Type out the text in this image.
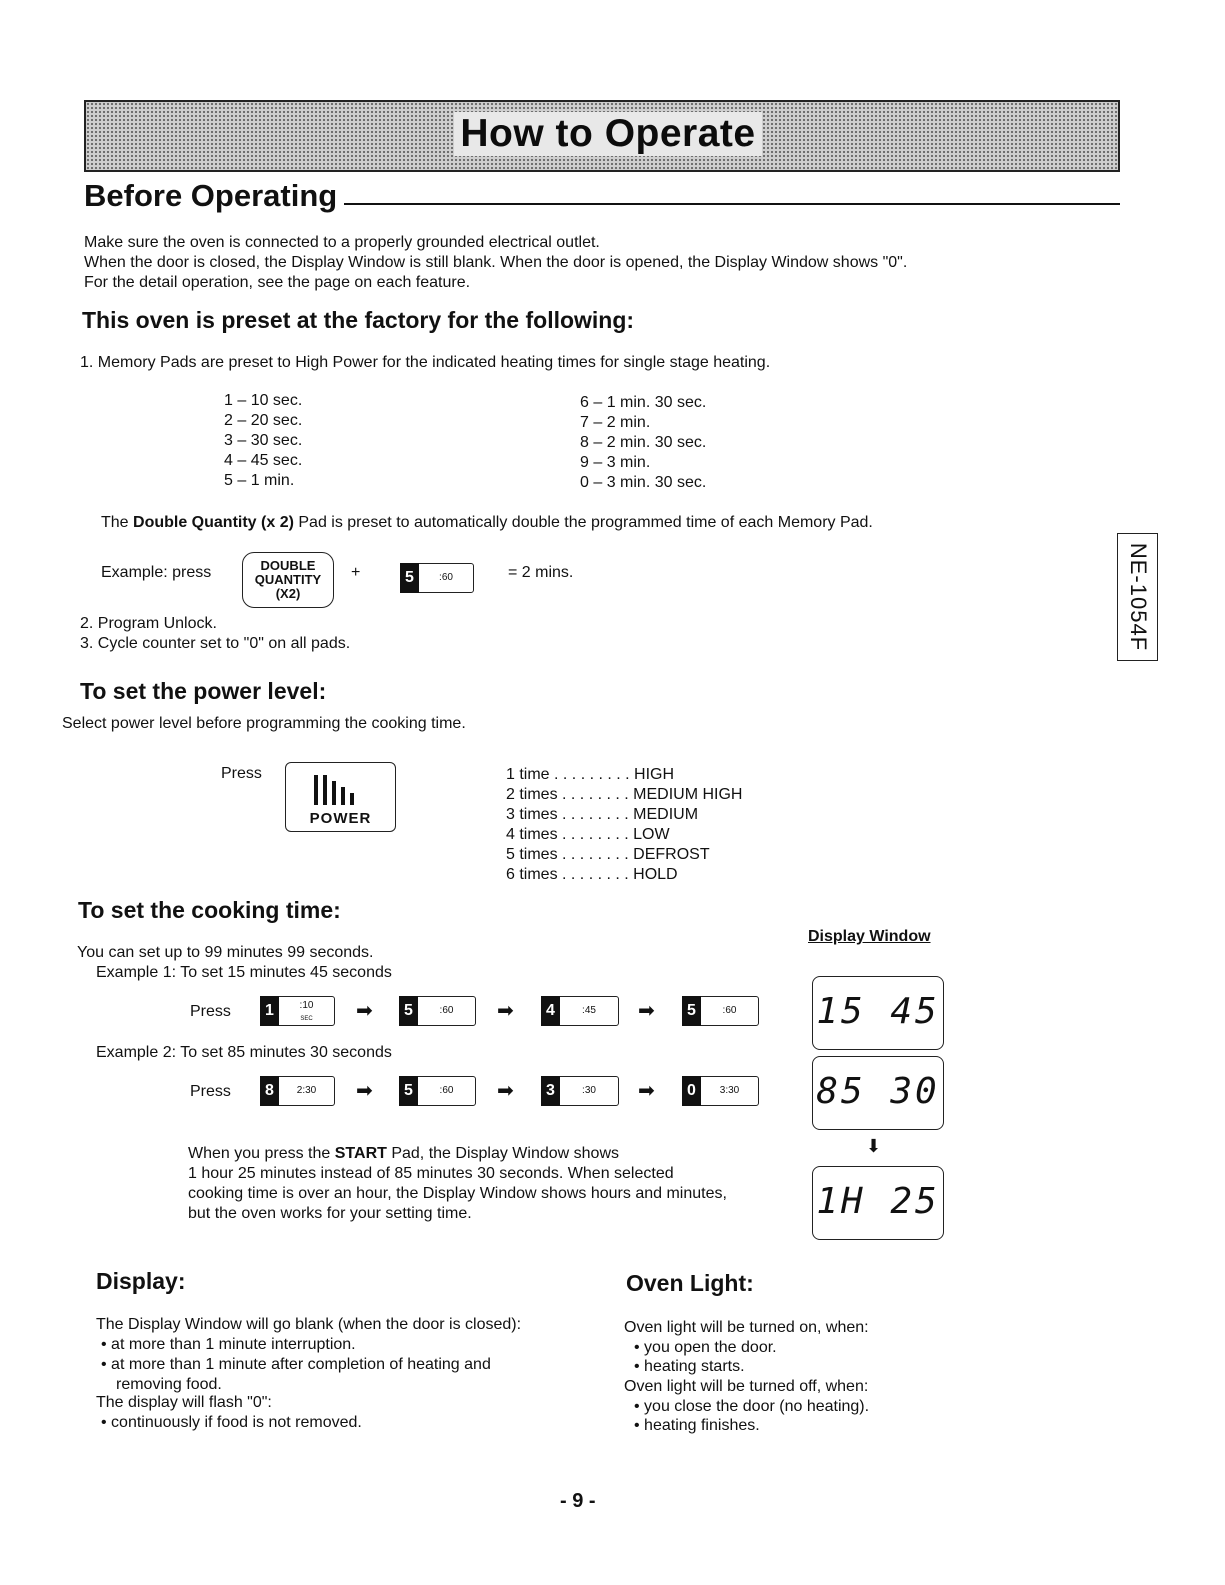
How to Operate
NE-1054F
Before Operating
Make sure the oven is connected to a properly grounded electrical outlet.
When the door is closed, the Display Window is still blank. When the door is opened, the Display Window shows "0".
For the detail operation, see the page on each feature.
This oven is preset at the factory for the following:
1. Memory Pads are preset to High Power for the indicated heating times for single stage heating.
1 – 10 sec.
2 – 20 sec.
3 – 30 sec.
4 – 45 sec.
5 – 1 min.
6 – 1 min. 30 sec.
7 – 2 min.
8 – 2 min. 30 sec.
9 – 3 min.
0 – 3 min. 30 sec.
The Double Quantity (x 2) Pad is preset to automatically double the programmed time of each Memory Pad.
Example: press	DOUBLE
QUANTITY
(X2)
+	5	:60	= 2 mins.
2. Program Unlock.
3. Cycle counter set to "0" on all pads.
To set the power level:
Select power level before programming the cooking time.
Press
POWER
1 time . . . . . . . . . HIGH
2 times . . . . . . . . MEDIUM HIGH
3 times . . . . . . . . MEDIUM
4 times . . . . . . . . LOW
5 times . . . . . . . . DEFROST
6 times . . . . . . . . HOLD
To set the cooking time:
Display Window
You can set up to 99 minutes 99 seconds.
Example 1: To set 15 minutes 45 seconds
Press	1	:10
SEC	➡	5	:60	➡	4	:45	➡	5	:60
Example 2: To set 85 minutes 30 seconds
Press	8	2:30	➡	5	:60	➡	3	:30	➡	0	3:30
When you press the START Pad, the Display Window shows
1 hour 25 minutes instead of 85 minutes 30 seconds. When selected
cooking time is over an hour, the Display Window shows hours and minutes,
but the oven works for your setting time.
15 45
85 30
⬇
1H 25
Display:
The Display Window will go blank (when the door is closed):
• at more than 1 minute interruption.
• at more than 1 minute after completion of heating and
removing food.
The display will flash "0":
• continuously if food is not removed.
Oven Light:
Oven light will be turned on, when:
• you open the door.
• heating starts.
Oven light will be turned off, when:
• you close the door (no heating).
• heating finishes.
- 9 -
